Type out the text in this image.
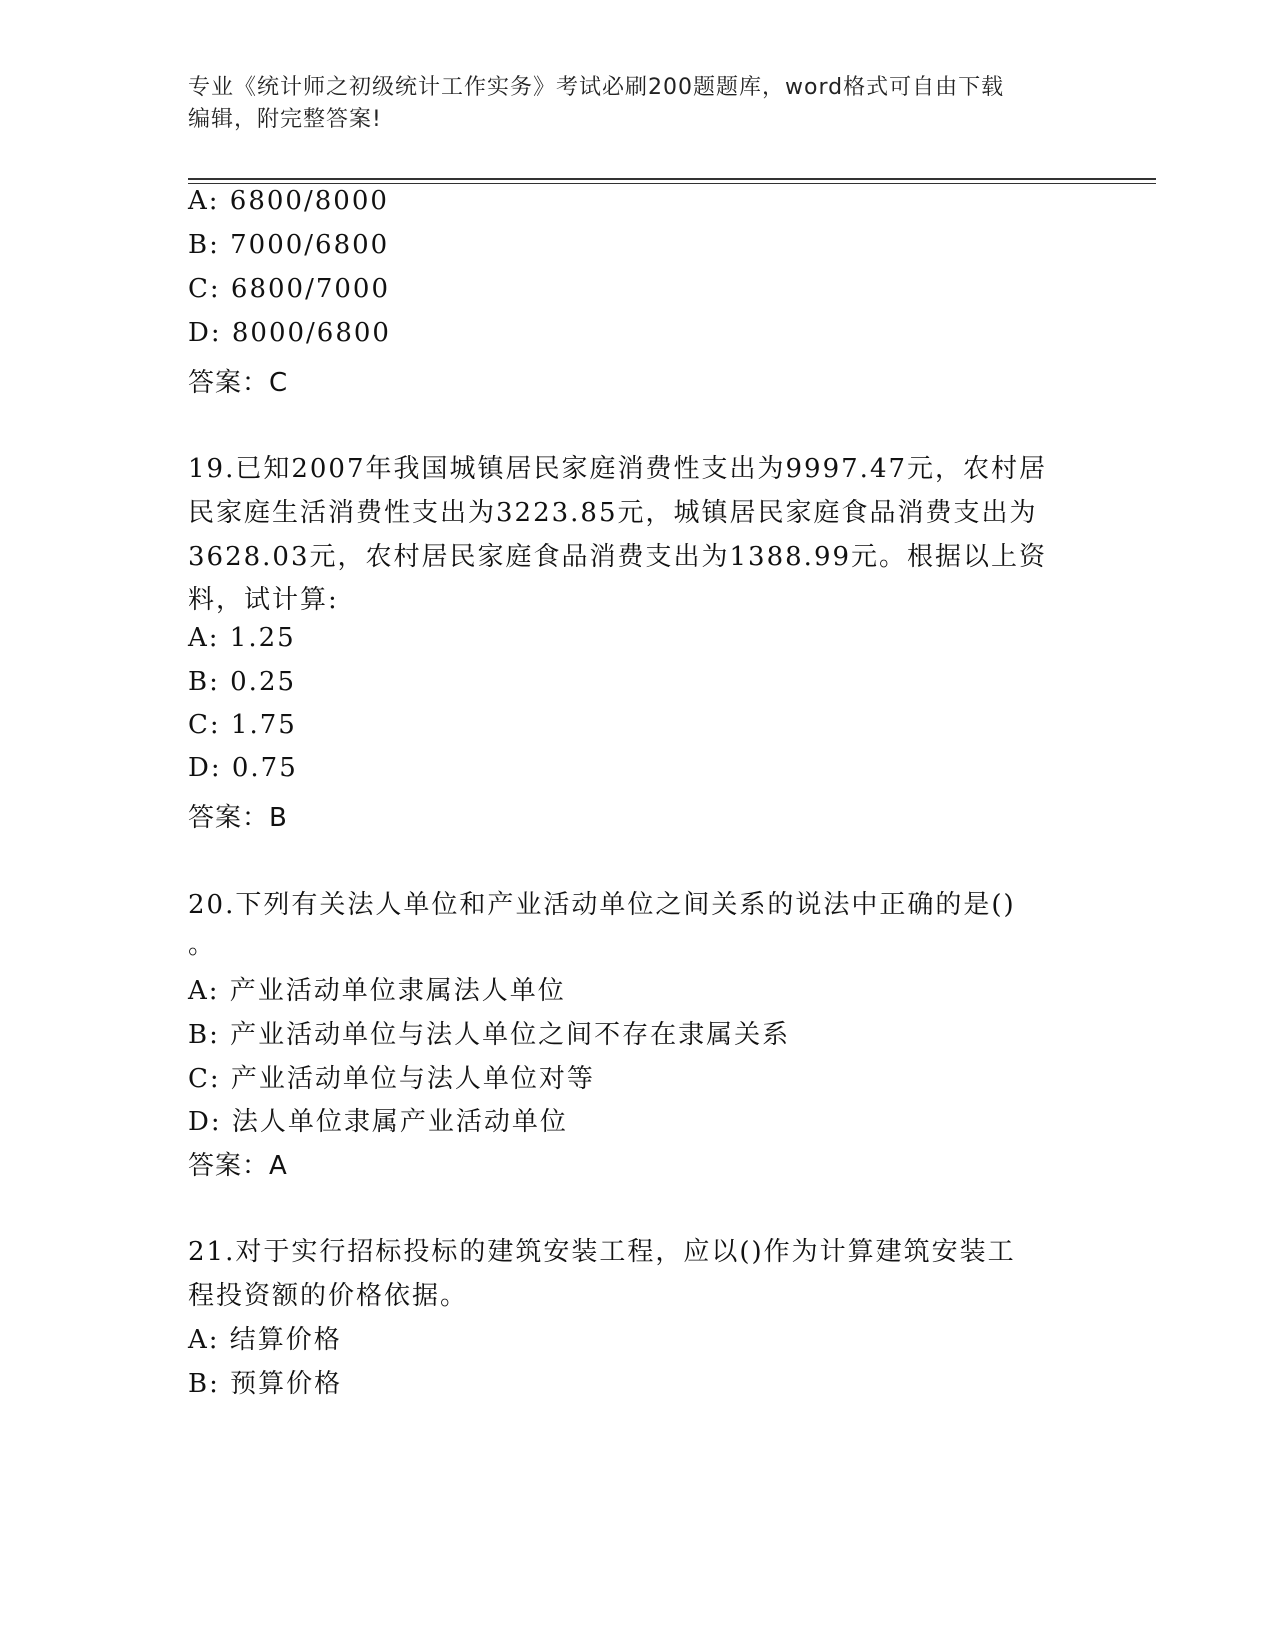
专业《统计师之初级统计工作实务》考试必刷200题题库，word格式可自由下载
编辑，附完整答案!
A: 6800/8000
B: 7000/6800
C: 6800/7000
D: 8000/6800
答案：C
19.已知2007年我国城镇居民家庭消费性支出为9997.47元，农村居
民家庭生活消费性支出为3223.85元，城镇居民家庭食品消费支出为
3628.03元，农村居民家庭食品消费支出为1388.99元。根据以上资
料，试计算:
A: 1.25
B: 0.25
C: 1.75
D: 0.75
答案：B
20.下列有关法人单位和产业活动单位之间关系的说法中正确的是()
。
A: 产业活动单位隶属法人单位
B: 产业活动单位与法人单位之间不存在隶属关系
C: 产业活动单位与法人单位对等
D: 法人单位隶属产业活动单位
答案：A
21.对于实行招标投标的建筑安装工程，应以()作为计算建筑安装工
程投资额的价格依据。
A: 结算价格
B: 预算价格
